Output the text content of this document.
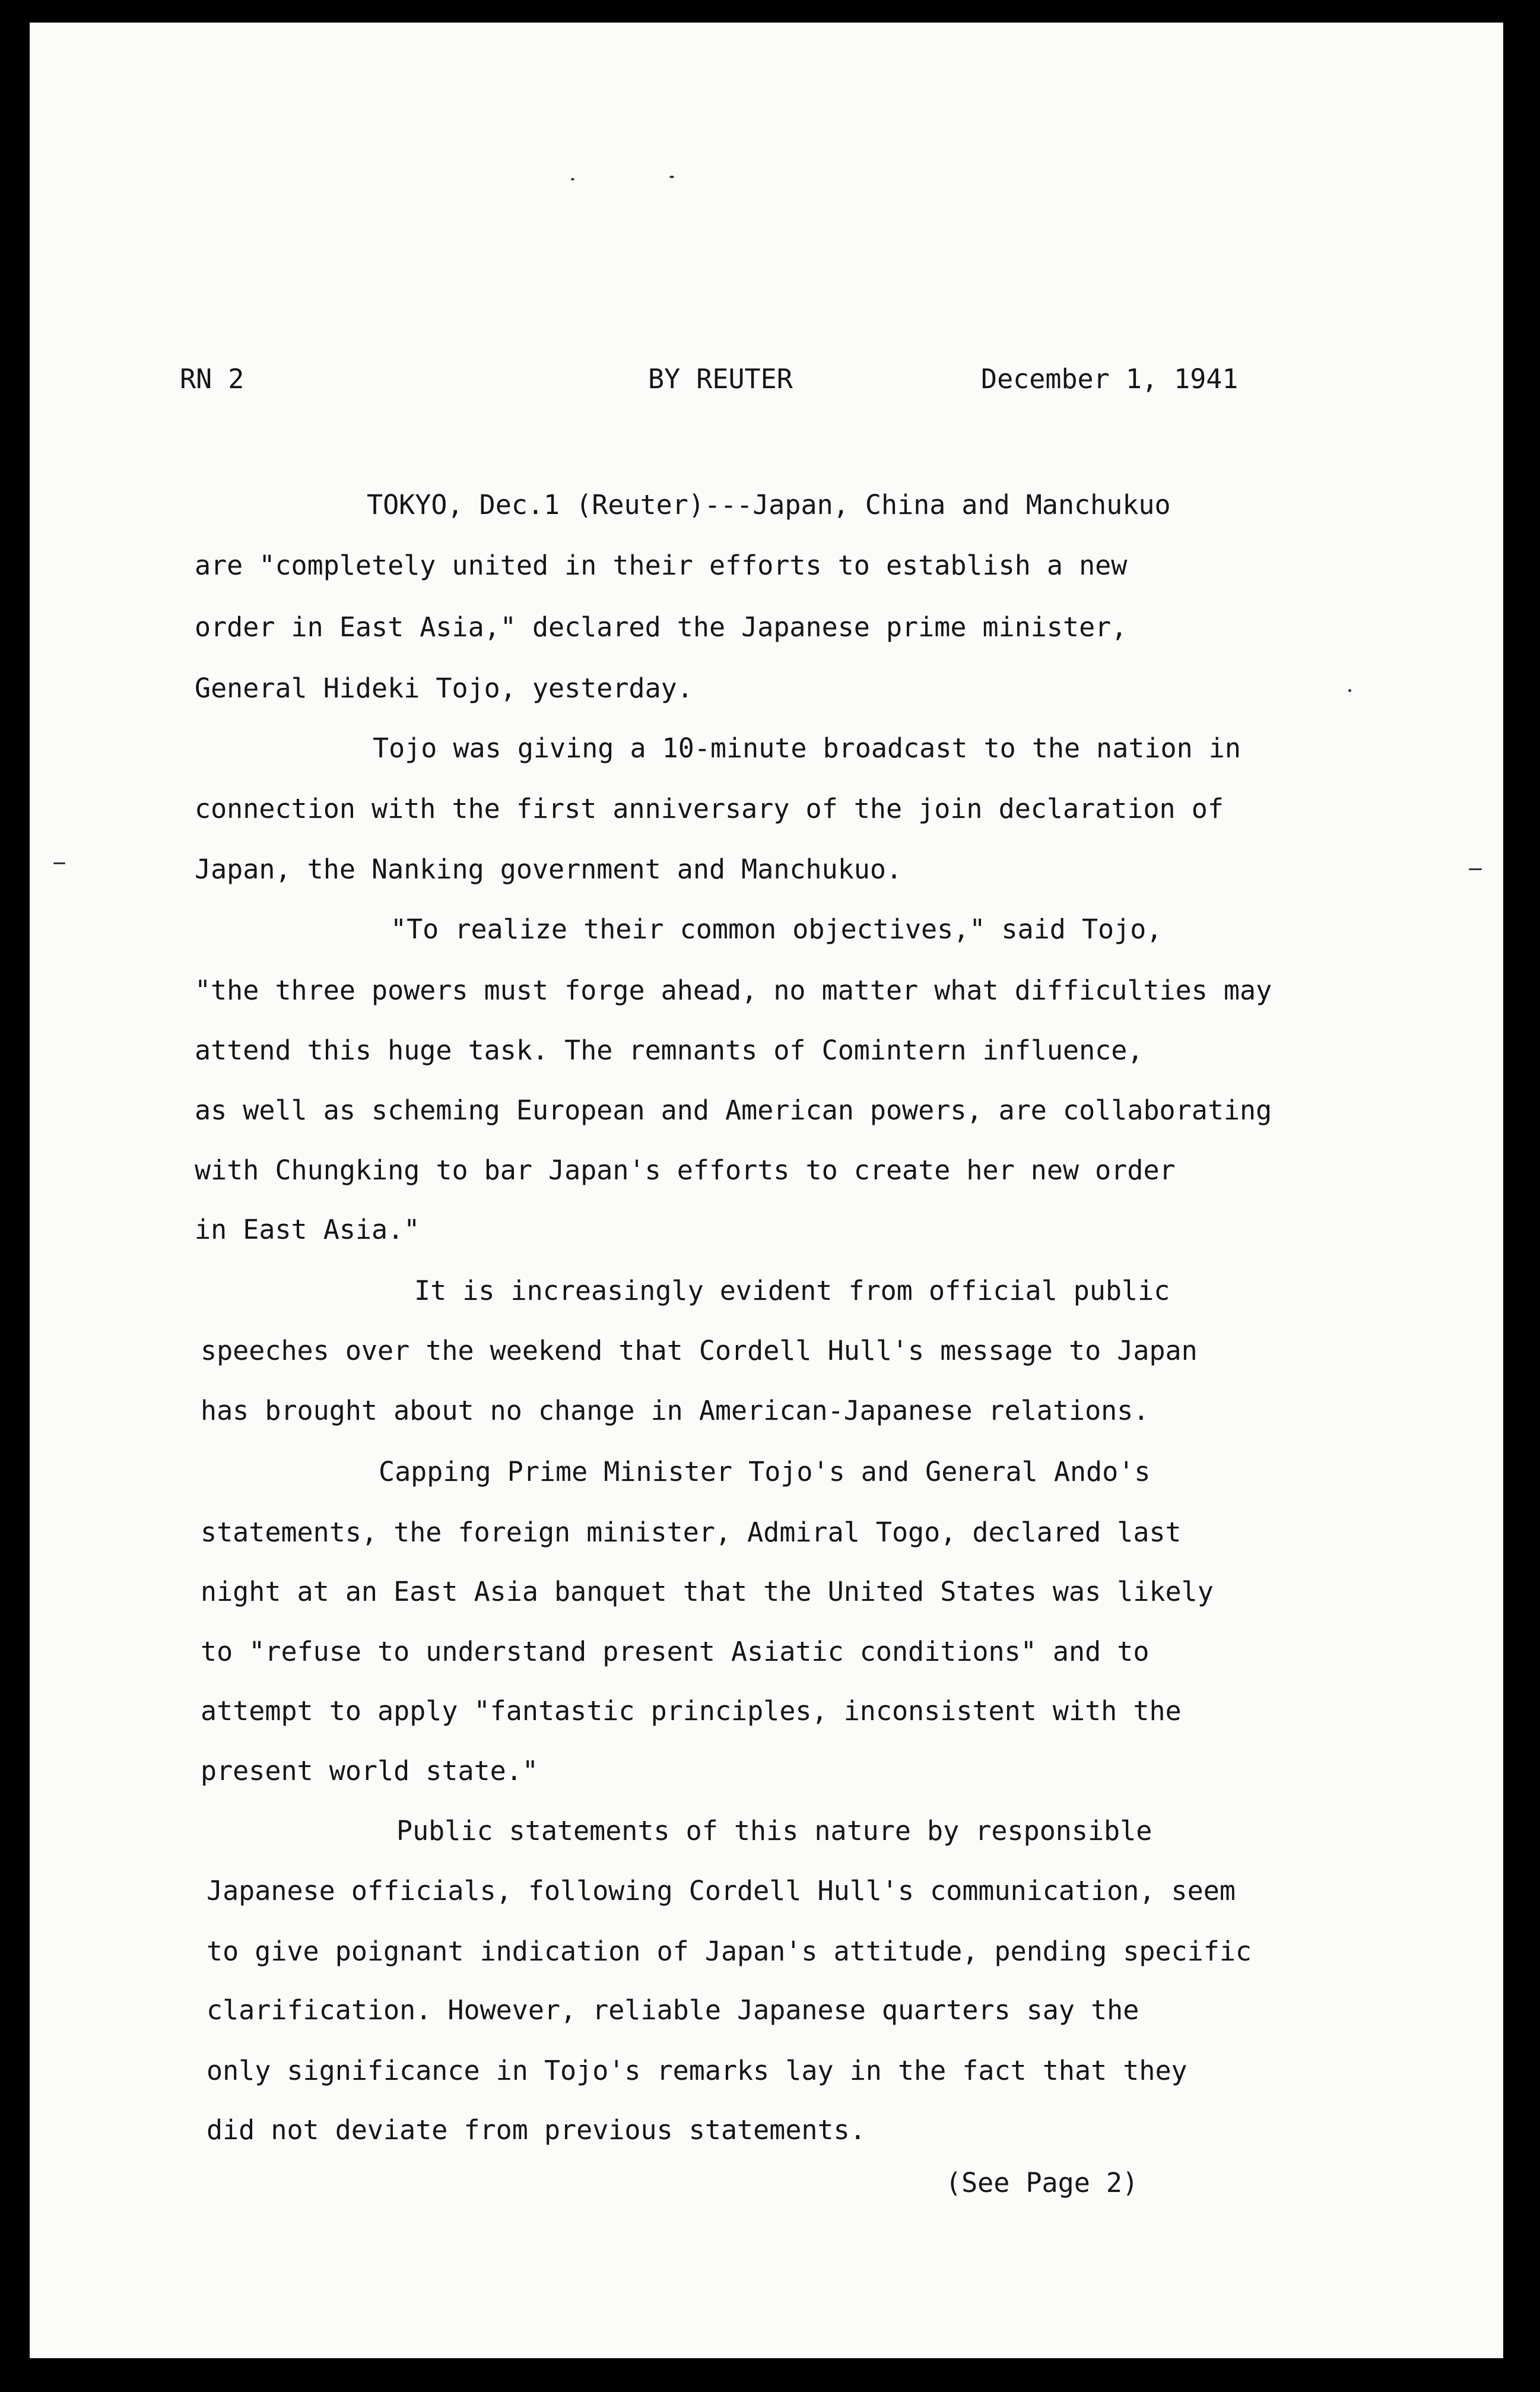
RN 2	BY REUTER	December 1, 1941
TOKYO, Dec.1 (Reuter)---Japan, China and Manchukuo
are "completely united in their efforts to establish a new
order in East Asia," declared the Japanese prime minister,
General Hideki Tojo, yesterday.
Tojo was giving a 10-minute broadcast to the nation in
connection with the first anniversary of the join declaration of
Japan, the Nanking government and Manchukuo.
"To realize their common objectives," said Tojo,
"the three powers must forge ahead, no matter what difficulties may
attend this huge task. The remnants of Comintern influence,
as well as scheming European and American powers, are collaborating
with Chungking to bar Japan's efforts to create her new order
in East Asia."
It is increasingly evident from official public
speeches over the weekend that Cordell Hull's message to Japan
has brought about no change in American-Japanese relations.
Capping Prime Minister Tojo's and General Ando's
statements, the foreign minister, Admiral Togo, declared last
night at an East Asia banquet that the United States was likely
to "refuse to understand present Asiatic conditions" and to
attempt to apply "fantastic principles, inconsistent with the
present world state."
Public statements of this nature by responsible
Japanese officials, following Cordell Hull's communication, seem
to give poignant indication of Japan's attitude, pending specific
clarification. However, reliable Japanese quarters say the
only significance in Tojo's remarks lay in the fact that they
did not deviate from previous statements.
(See Page 2)
